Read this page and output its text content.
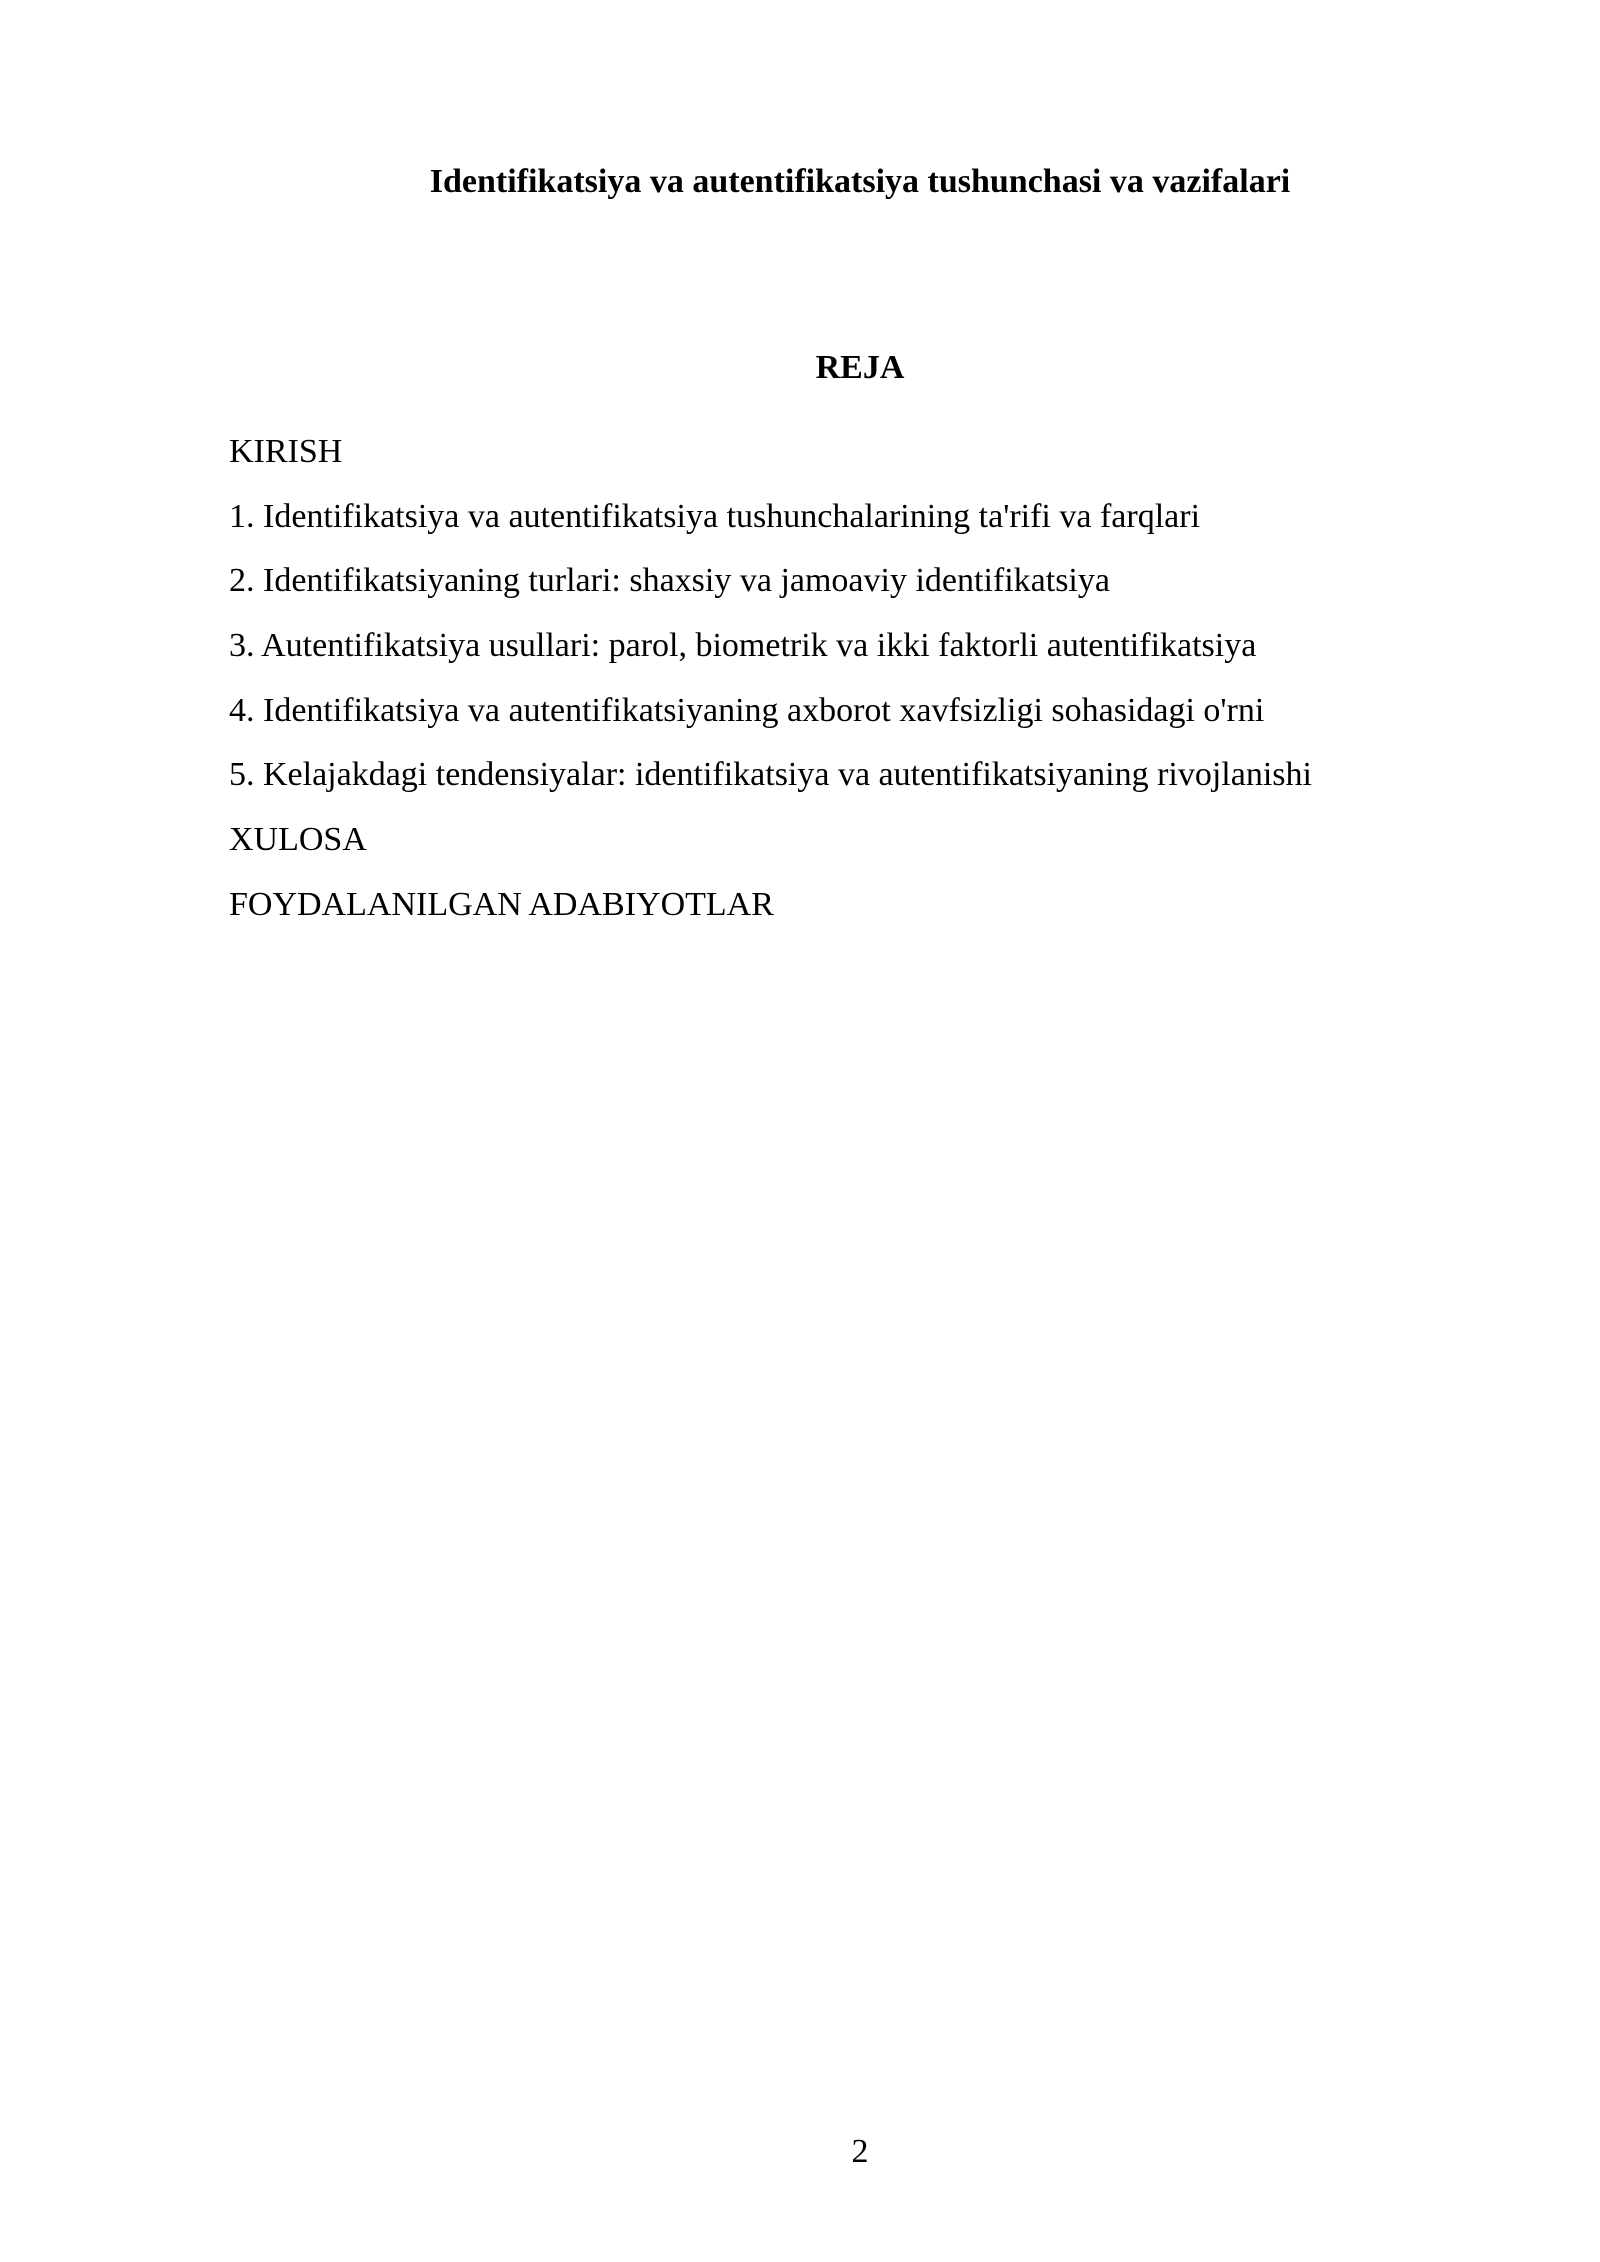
Identifikatsiya va autentifikatsiya tushunchasi va vazifalari
REJA
KIRISH
1. Identifikatsiya va autentifikatsiya tushunchalarining ta'rifi va farqlari
2. Identifikatsiyaning turlari: shaxsiy va jamoaviy identifikatsiya
3. Autentifikatsiya usullari: parol, biometrik va ikki faktorli autentifikatsiya
4. Identifikatsiya va autentifikatsiyaning axborot xavfsizligi sohasidagi o'rni
5. Kelajakdagi tendensiyalar: identifikatsiya va autentifikatsiyaning rivojlanishi
XULOSA
FOYDALANILGAN ADABIYOTLAR
2
